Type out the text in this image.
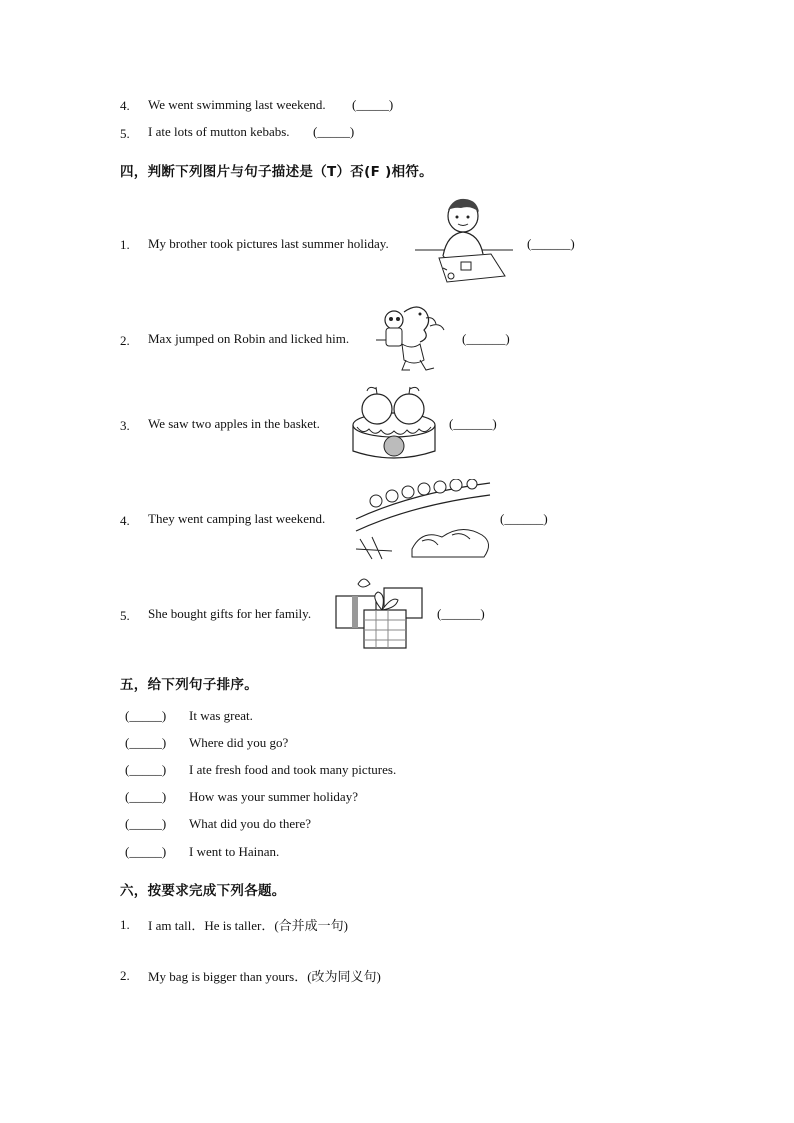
4. We went swimming last weekend. (_____)
5. I ate lots of mutton kebabs. (_____)
四，判断下列图片与句子描述是（T）否(F )相符。
1. My brother took pictures last summer holiday.	(______)
2. Max jumped on Robin and licked him.	(______)
3. We saw two apples in the basket.	(______)
4. They went camping last weekend.	(______)
5. She bought gifts for her family.	(______)
五，给下列句子排序。
(_____) It was great.
(_____) Where did you go?
(_____) I ate fresh food and took many pictures.
(_____) How was your summer holiday?
(_____) What did you do there?
(_____) I went to Hainan.
六，按要求完成下列各题。
1. I am tall．He is taller．(合并成一句)
2. My bag is bigger than yours．(改为同义句)
